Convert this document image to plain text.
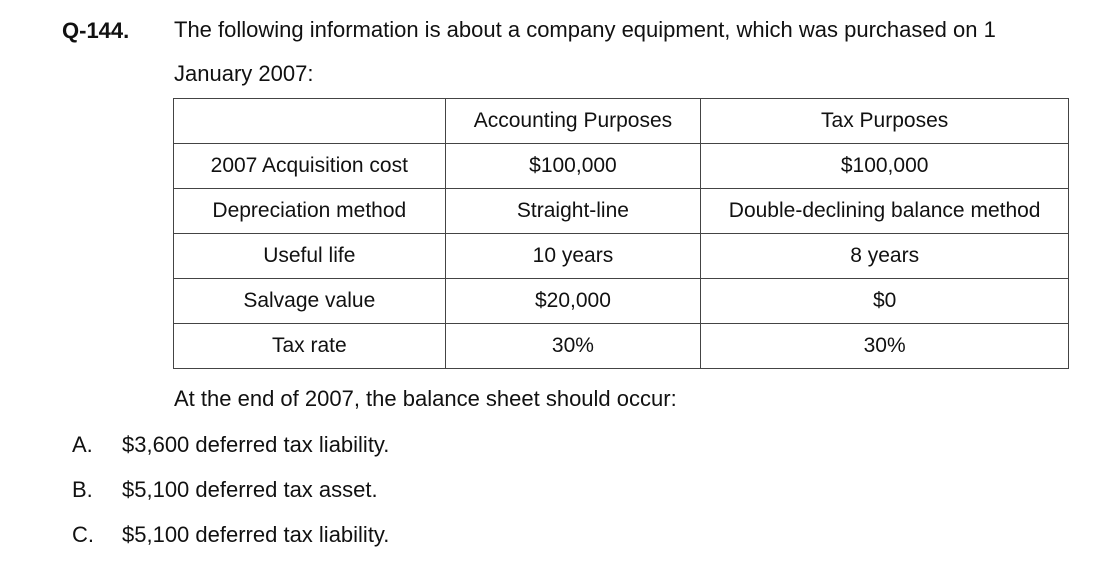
Q-144. The following information is about a company equipment, which was purchased on 1 January 2007:
	Accounting Purposes	Tax Purposes
2007 Acquisition cost	$100,000	$100,000
Depreciation method	Straight-line	Double-declining balance method
Useful life	10 years	8 years
Salvage value	$20,000	$0
Tax rate	30%	30%
At the end of 2007, the balance sheet should occur:
A. $3,600 deferred tax liability.
B. $5,100 deferred tax asset.
C. $5,100 deferred tax liability.
